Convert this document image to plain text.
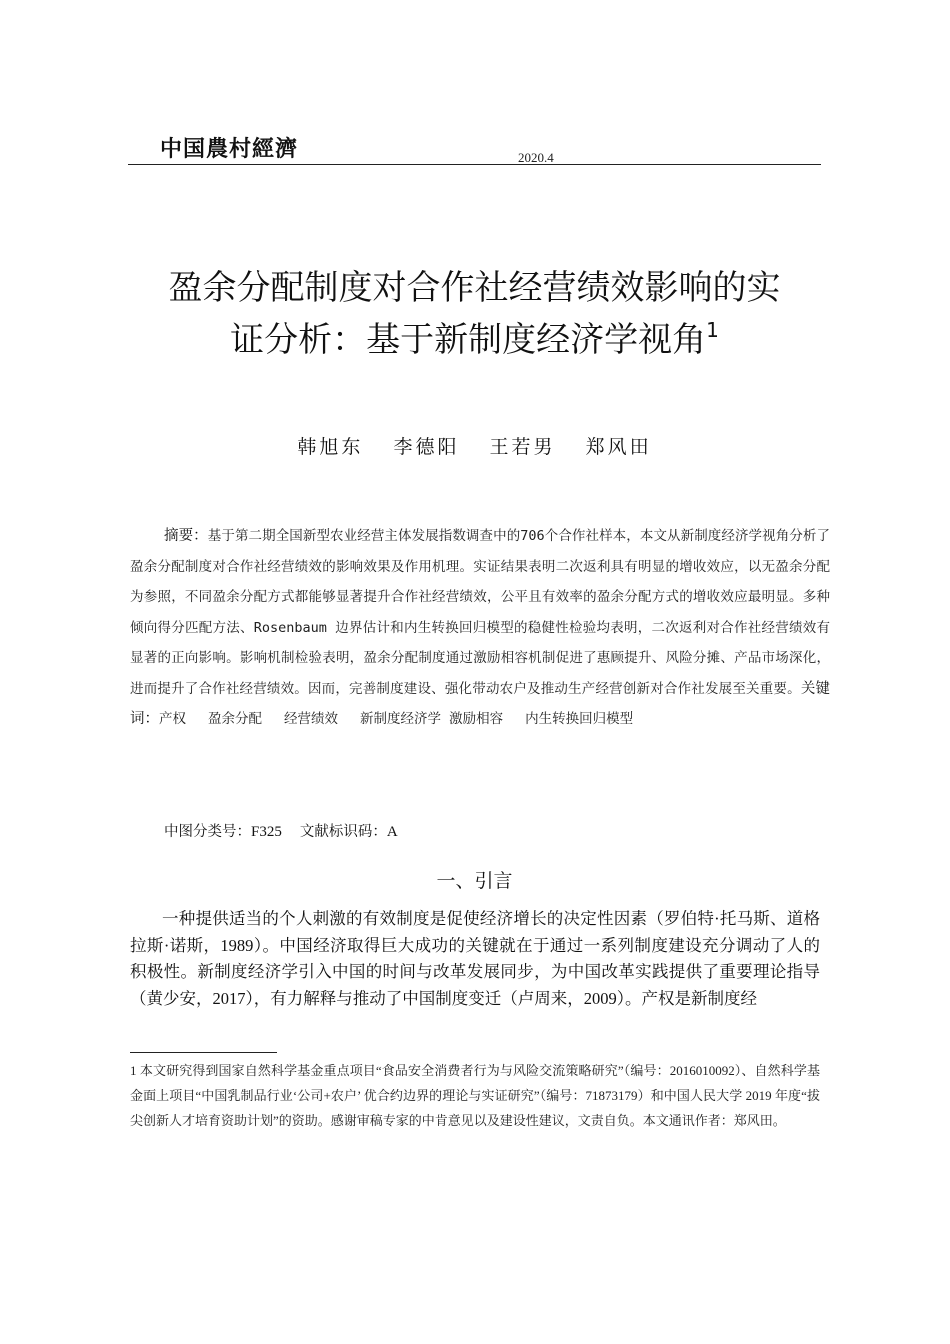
中国農村經濟	2020.4
盈余分配制度对合作社经营绩效影响的实
证分析：基于新制度经济学视角$^1$
韩旭东 李德阳 王若男 郑风田
摘要：基于第二期全国新型农业经营主体发展指数调查中的706个合作社样本，本文从新制度经济学视角分析了盈余分配制度对合作社经营绩效的影响效果及作用机理。实证结果表明二次返利具有明显的增收效应，以无盈余分配为参照，不同盈余分配方式都能够显著提升合作社经营绩效，公平且有效率的盈余分配方式的增收效应最明显。多种倾向得分匹配方法、Rosenbaum 边界估计和内生转换回归模型的稳健性检验均表明，二次返利对合作社经营绩效有显著的正向影响。影响机制检验表明，盈余分配制度通过激励相容机制促进了惠顾提升、风险分摊、产品市场深化，进而提升了合作社经营绩效。因而，完善制度建设、强化带动农户及推动生产经营创新对合作社发展至关重要。关键词：产权 盈余分配 经营绩效 新制度经济学 激励相容 内生转换回归模型
中图分类号：F325 文献标识码：A
一、引言
一种提供适当的个人刺激的有效制度是促使经济增长的决定性因素（罗伯特·托马斯、道格拉斯·诺斯，1989）。中国经济取得巨大成功的关键就在于通过一系列制度建设充分调动了人的积极性。新制度经济学引入中国的时间与改革发展同步，为中国改革实践提供了重要理论指导（黄少安，2017），有力解释与推动了中国制度变迁（卢周来，2009）。产权是新制度经
1 本文研究得到国家自然科学基金重点项目“食品安全消费者行为与风险交流策略研究”（编号：2016010092）、自然科学基金面上项目“中国乳制品行业‘公司+农户’ 优合约边界的理论与实证研究”（编号：71873179）和中国人民大学 2019 年度“拔尖创新人才培育资助计划”的资助。感谢审稿专家的中肯意见以及建设性建议，文责自负。本文通讯作者：郑风田。
